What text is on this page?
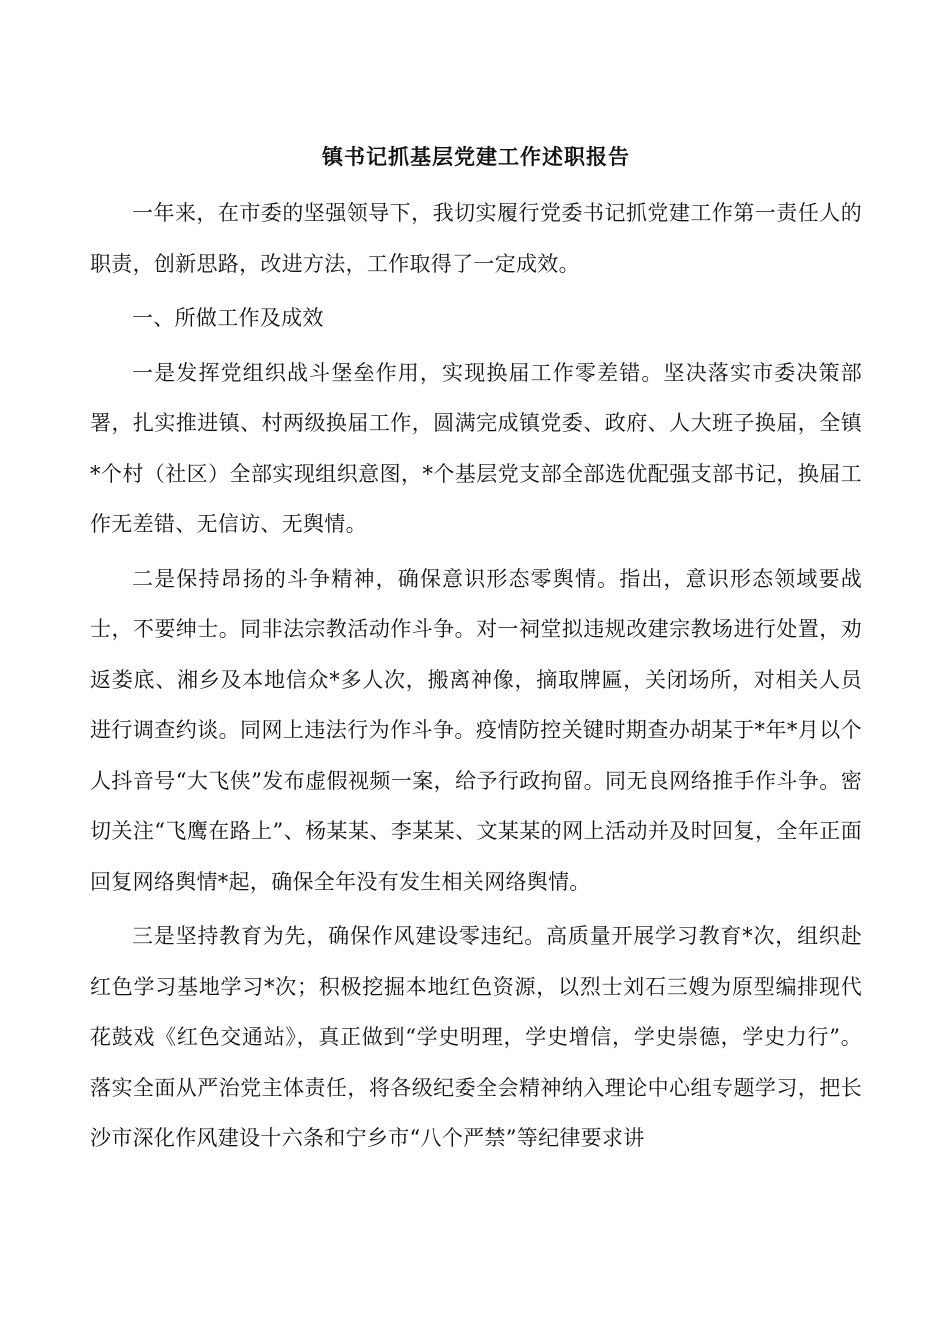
镇书记抓基层党建工作述职报告

一年来，在市委的坚强领导下，我切实履行党委书记抓党建工作第一责任人的职责，创新思路，改进方法，工作取得了一定成效。

一、所做工作及成效

一是发挥党组织战斗堡垒作用，实现换届工作零差错。坚决落实市委决策部署，扎实推进镇、村两级换届工作，圆满完成镇党委、政府、人大班子换届，全镇*个村（社区）全部实现组织意图，*个基层党支部全部选优配强支部书记，换届工作无差错、无信访、无舆情。

二是保持昂扬的斗争精神，确保意识形态零舆情。指出，意识形态领域要战士，不要绅士。同非法宗教活动作斗争。对一祠堂拟违规改建宗教场进行处置，劝返娄底、湘乡及本地信众*多人次，搬离神像，摘取牌匾，关闭场所，对相关人员进行调查约谈。同网上违法行为作斗争。疫情防控关键时期查办胡某于*年*月以个人抖音号“大飞侠”发布虚假视频一案，给予行政拘留。同无良网络推手作斗争。密切关注“飞鹰在路上”、杨某某、李某某、文某某的网上活动并及时回复，全年正面回复网络舆情*起，确保全年没有发生相关网络舆情。

三是坚持教育为先，确保作风建设零违纪。高质量开展学习教育*次，组织赴红色学习基地学习*次；积极挖掘本地红色资源，以烈士刘石三嫂为原型编排现代花鼓戏《红色交通站》，真正做到“学史明理，学史增信，学史崇德，学史力行”。落实全面从严治党主体责任，将各级纪委全会精神纳入理论中心组专题学习，把长沙市深化作风建设十六条和宁乡市“八个严禁”等纪律要求讲
